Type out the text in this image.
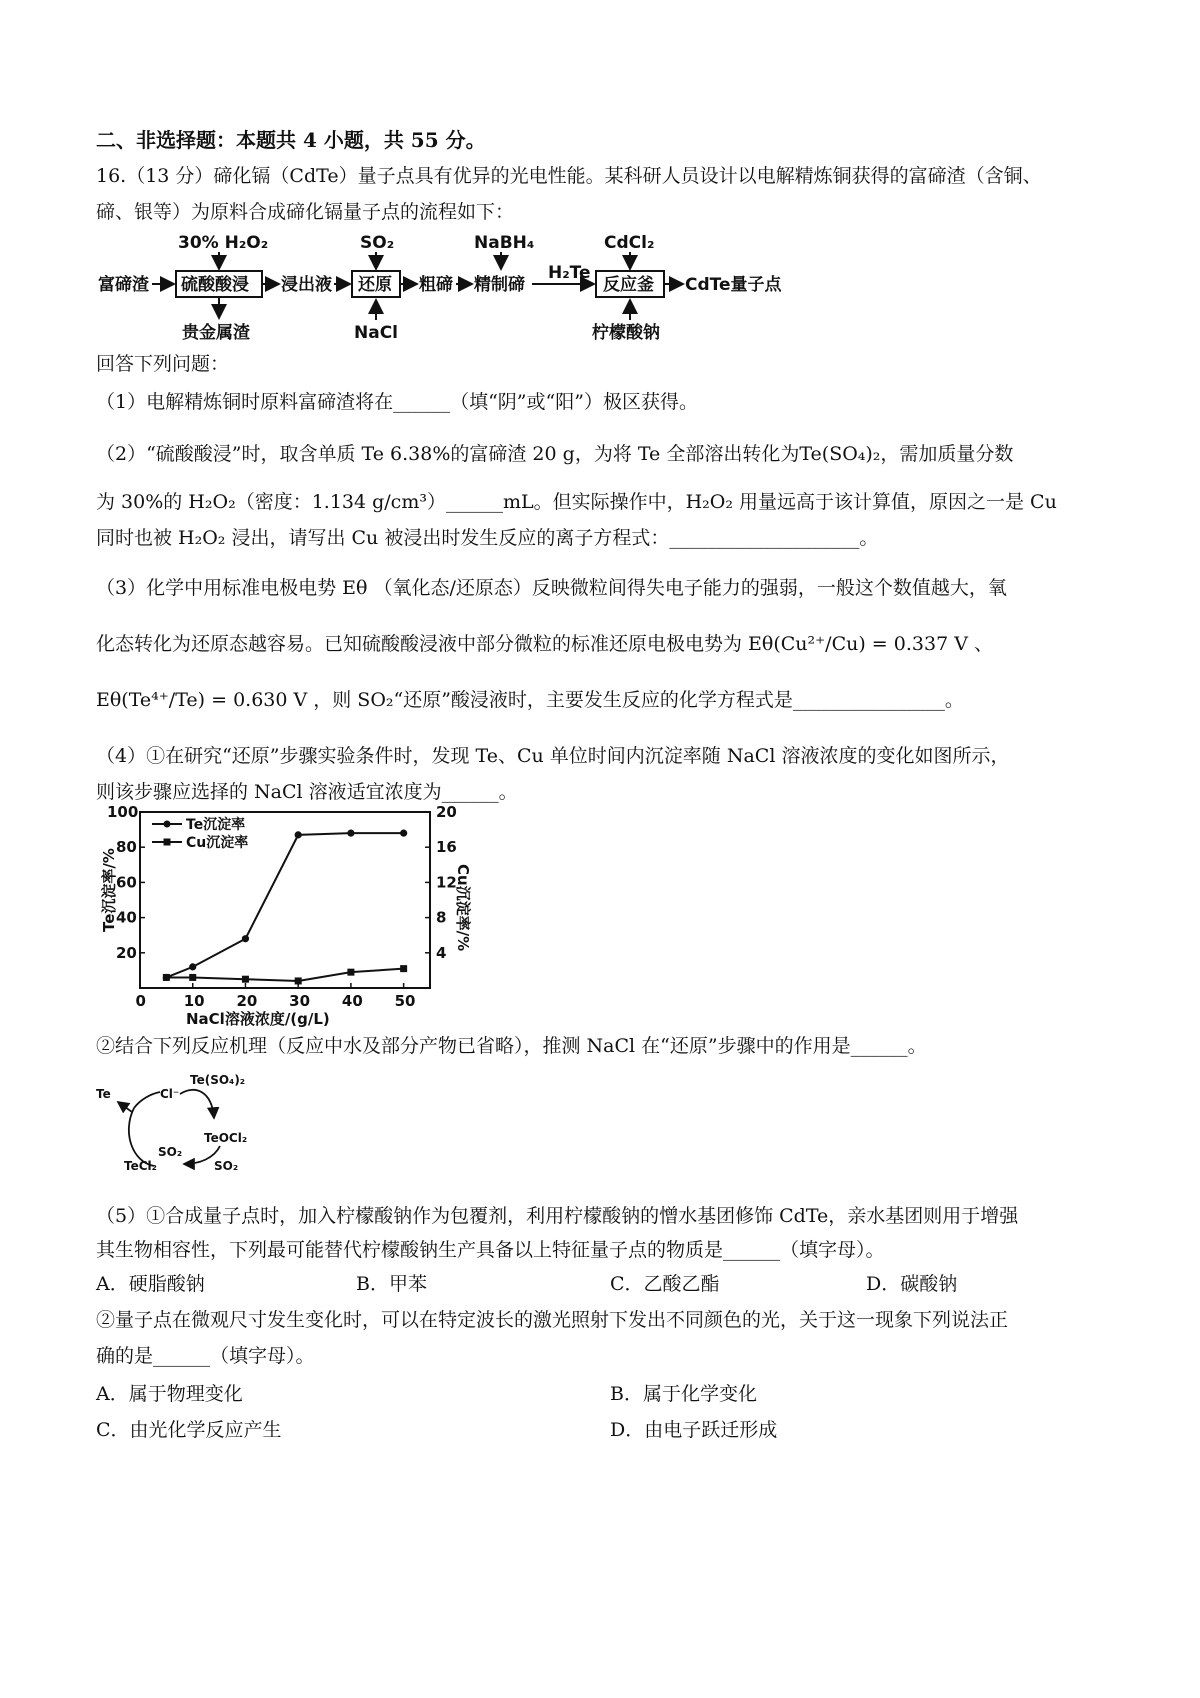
二、非选择题：本题共 4 小题，共 55 分。
16.（13 分）碲化镉（CdTe）量子点具有优异的光电性能。某科研人员设计以电解精炼铜获得的富碲渣（含铜、
碲、银等）为原料合成碲化镉量子点的流程如下：
富碲渣 硫酸酸浸
30% H₂O₂
贵金属渣
浸出液 还原
SO₂
NaCl
粗碲 精制碲
NaBH₄
H₂Te
反应釜
CdCl₂
柠檬酸钠
CdTe量子点
回答下列问题：
（1）电解精炼铜时原料富碲渣将在______（填“阴”或“阳”）极区获得。
（2）“硫酸酸浸”时，取含单质 Te 6.38%的富碲渣 20 g，为将 Te 全部溶出转化为Te(SO₄)₂，需加质量分数
为 30%的 H₂O₂（密度：1.134 g/cm³）______mL。但实际操作中，H₂O₂ 用量远高于该计算值，原因之一是 Cu
同时也被 H₂O₂ 浸出，请写出 Cu 被浸出时发生反应的离子方程式：____________________。
（3）化学中用标准电极电势 Eθ （氧化态/还原态）反映微粒间得失电子能力的强弱，一般这个数值越大，氧
化态转化为还原态越容易。已知硫酸酸浸液中部分微粒的标准还原电极电势为 Eθ(Cu²⁺/Cu) = 0.337 V 、
Eθ(Te⁴⁺/Te) = 0.630 V ，则 SO₂“还原”酸浸液时，主要发生反应的化学方程式是________________。
（4）①在研究“还原”步骤实验条件时，发现 Te、Cu 单位时间内沉淀率随 NaCl 溶液浓度的变化如图所示，
则该步骤应选择的 NaCl 溶液适宜浓度为______。
Te沉淀率/%	Cu沉淀率/%
NaCl溶液浓度/(g/L)
Te沉淀率
Cu沉淀率
0	10 20 30 40 50
20
40
60
80
100
4
8
12
16
20
②结合下列反应机理（反应中水及部分产物已省略），推测 NaCl 在“还原”步骤中的作用是______。
Te	Cl⁻
Te(SO₄)₂
TeOCl₂
SO₂
SO₂
TeCl₂
（5）①合成量子点时，加入柠檬酸钠作为包覆剂，利用柠檬酸钠的憎水基团修饰 CdTe，亲水基团则用于增强
其生物相容性，下列最可能替代柠檬酸钠生产具备以上特征量子点的物质是______（填字母）。
A．硬脂酸钠	B．甲苯	C．乙酸乙酯	D．碳酸钠
②量子点在微观尺寸发生变化时，可以在特定波长的激光照射下发出不同颜色的光，关于这一现象下列说法正
确的是______（填字母）。
A．属于物理变化	B．属于化学变化
C．由光化学反应产生	D．由电子跃迁形成
